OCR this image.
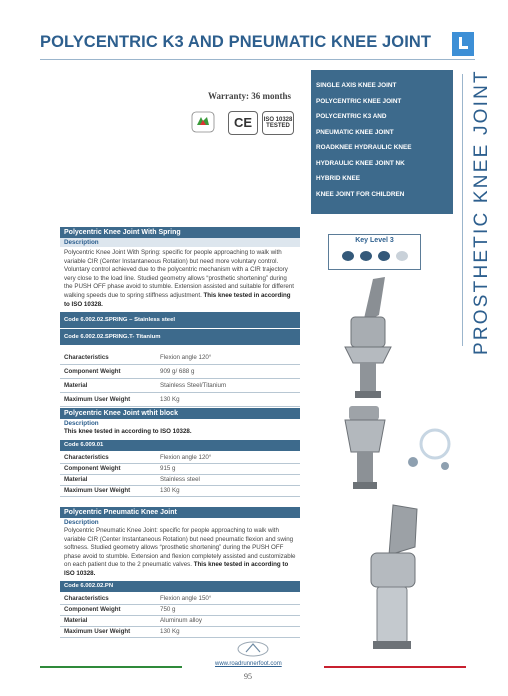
POLYCENTRIC K3 AND PNEUMATIC KNEE JOINT
Warranty: 36 months
CE	ISO 10328 TESTED
SINGLE AXIS KNEE JOINT
POLYCENTRIC KNEE JOINT
POLYCENTRIC K3 AND
PNEUMATIC KNEE JOINT
ROADKNEE HYDRAULIC KNEE
HYDRAULIC KNEE JOINT NK
HYBRID KNEE
KNEE JOINT FOR CHILDREN	PROSTHETIC KNEE JOINT
Polycentric Knee Joint With Spring
Description
Polycentric Knee Joint With Spring: specific for people approaching to walk with variable CIR (Center Instantaneous Rotation) but need more voluntary control. Voluntary control achieved due to the polycentric mechanism with a CIR trajectory very close to the load line. Studied geometry allows “prosthetic shortening” during the PUSH OFF phase avoid to stumble. Extension assisted and suitable for different walking speeds due to spring stiffness adjustment. This knee tested in according to ISO 10328.
Code 6.002.02.SPRING – Stainless steel
Code 6.002.02.SPRING.T- Titanium
Characteristics	Flexion angle 120°
Component Weight	909 g/ 688 g
Material	Stainless Steel/Titanium
Maximum User Weight	130 Kg
Polycentric Knee Joint wthit block
Description
This knee tested in according to ISO 10328.
Code 6.009.01
Characteristics	Flexion angle 120°
Component Weight	915 g
Material	Stainless steel
Maximum User Weight	130 Kg
Polycentric Pneumatic Knee Joint
Description
Polycentric Pneumatic Knee Joint: specific for people approaching to walk with variable CIR (Center Instantaneous Rotation) but need pneumatic flexion and swing softness. Studied geometry allows “prosthetic shortening” during the PUSH OFF phase avoid to stumble. Extension and flexion completely assisted and customizable on each patient due to the 2 pneumatic valves. This knee tested in according to ISO 10328.
Code 6.002.02.PN
Characteristics	Flexion angle 150°
Component Weight	750 g
Material	Aluminum alloy
Maximum User Weight	130 Kg
Key Level 3
www.roadrunnerfoot.com
95
